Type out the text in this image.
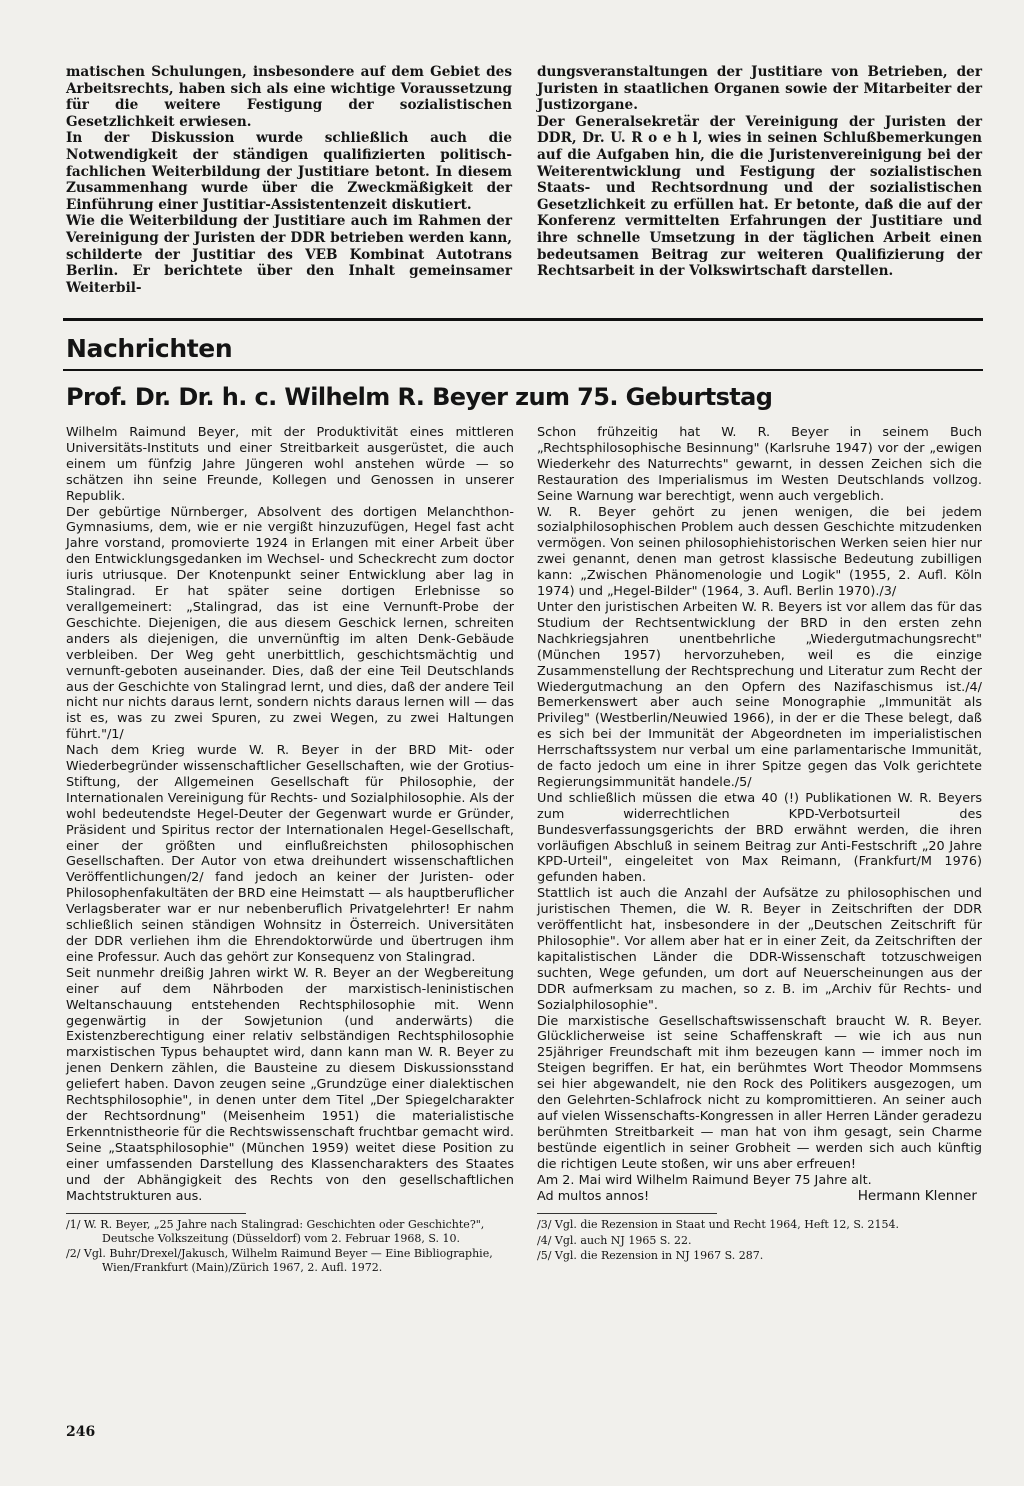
matischen Schulungen, insbesondere auf dem Gebiet des Arbeitsrechts, haben sich als eine wichtige Voraussetzung für die weitere Festigung der sozialistischen Gesetzlichkeit erwiesen.

In der Diskussion wurde schließlich auch die Notwendigkeit der ständigen qualifizierten politisch-fachlichen Weiterbildung der Justitiare betont. In diesem Zusammenhang wurde über die Zweckmäßigkeit der Einführung einer Justitiar-Assistentenzeit diskutiert.

Wie die Weiterbildung der Justitiare auch im Rahmen der Vereinigung der Juristen der DDR betrieben werden kann, schilderte der Justitiar des VEB Kombinat Autotrans Berlin. Er berichtete über den Inhalt gemeinsamer Weiterbil-

dungsveranstaltungen der Justitiare von Betrieben, der Juristen in staatlichen Organen sowie der Mitarbeiter der Justizorgane.

Der Generalsekretär der Vereinigung der Juristen der DDR, Dr. U. R o e h l, wies in seinen Schlußbemerkungen auf die Aufgaben hin, die die Juristenvereinigung bei der Weiterentwicklung und Festigung der sozialistischen Staats- und Rechtsordnung und der sozialistischen Gesetzlichkeit zu erfüllen hat. Er betonte, daß die auf der Konferenz vermittelten Erfahrungen der Justitiare und ihre schnelle Umsetzung in der täglichen Arbeit einen bedeutsamen Beitrag zur weiteren Qualifizierung der Rechtsarbeit in der Volkswirtschaft darstellen.

Nachrichten
Prof. Dr. Dr. h. c. Wilhelm R. Beyer zum 75. Geburtstag

Wilhelm Raimund Beyer, mit der Produktivität eines mittleren Universitäts-Instituts und einer Streitbarkeit ausgerüstet, die auch einem um fünfzig Jahre Jüngeren wohl anstehen würde — so schätzen ihn seine Freunde, Kollegen und Genossen in unserer Republik.

Der gebürtige Nürnberger, Absolvent des dortigen Melanchthon-Gymnasiums, dem, wie er nie vergißt hinzuzufügen, Hegel fast acht Jahre vorstand, promovierte 1924 in Erlangen mit einer Arbeit über den Entwicklungsgedanken im Wechsel- und Scheckrecht zum doctor iuris utriusque. Der Knotenpunkt seiner Entwicklung aber lag in Stalingrad. Er hat später seine dortigen Erlebnisse so verallgemeinert: „Stalingrad, das ist eine Vernunft-Probe der Geschichte. Diejenigen, die aus diesem Geschick lernen, schreiten anders als diejenigen, die unvernünftig im alten Denk-Gebäude verbleiben. Der Weg geht unerbittlich, geschichtsmächtig und vernunft-geboten auseinander. Dies, daß der eine Teil Deutschlands aus der Geschichte von Stalingrad lernt, und dies, daß der andere Teil nicht nur nichts daraus lernt, sondern nichts daraus lernen will — das ist es, was zu zwei Spuren, zu zwei Wegen, zu zwei Haltungen führt."/1/

Nach dem Krieg wurde W. R. Beyer in der BRD Mit- oder Wiederbegründer wissenschaftlicher Gesellschaften, wie der Grotius-Stiftung, der Allgemeinen Gesellschaft für Philosophie, der Internationalen Vereinigung für Rechts- und Sozialphilosophie. Als der wohl bedeutendste Hegel-Deuter der Gegenwart wurde er Gründer, Präsident und Spiritus rector der Internationalen Hegel-Gesellschaft, einer der größten und einflußreichsten philosophischen Gesellschaften. Der Autor von etwa dreihundert wissenschaftlichen Veröffentlichungen/2/ fand jedoch an keiner der Juristen- oder Philosophenfakultäten der BRD eine Heimstatt — als hauptberuflicher Verlagsberater war er nur nebenberuflich Privatgelehrter! Er nahm schließlich seinen ständigen Wohnsitz in Österreich. Universitäten der DDR verliehen ihm die Ehrendoktorwürde und übertrugen ihm eine Professur. Auch das gehört zur Konsequenz von Stalingrad.

Seit nunmehr dreißig Jahren wirkt W. R. Beyer an der Wegbereitung einer auf dem Nährboden der marxistisch-leninistischen Weltanschauung entstehenden Rechtsphilosophie mit. Wenn gegenwärtig in der Sowjetunion (und anderwärts) die Existenzberechtigung einer relativ selbständigen Rechtsphilosophie marxistischen Typus behauptet wird, dann kann man W. R. Beyer zu jenen Denkern zählen, die Bausteine zu diesem Diskussionsstand geliefert haben. Davon zeugen seine „Grundzüge einer dialektischen Rechtsphilosophie", in denen unter dem Titel „Der Spiegelcharakter der Rechtsordnung" (Meisenheim 1951) die materialistische Erkenntnistheorie für die Rechtswissenschaft fruchtbar gemacht wird. Seine „Staatsphilosophie" (München 1959) weitet diese Position zu einer umfassenden Darstellung des Klassencharakters des Staates und der Abhängigkeit des Rechts von den gesellschaftlichen Machtstrukturen aus.

/1/ W. R. Beyer, „25 Jahre nach Stalingrad: Geschichten oder Geschichte?", Deutsche Volkszeitung (Düsseldorf) vom 2. Februar 1968, S. 10.
/2/ Vgl. Buhr/Drexel/Jakusch, Wilhelm Raimund Beyer — Eine Bibliographie, Wien/Frankfurt (Main)/Zürich 1967, 2. Aufl. 1972.

Schon frühzeitig hat W. R. Beyer in seinem Buch „Rechtsphilosophische Besinnung" (Karlsruhe 1947) vor der „ewigen Wiederkehr des Naturrechts" gewarnt, in dessen Zeichen sich die Restauration des Imperialismus im Westen Deutschlands vollzog. Seine Warnung war berechtigt, wenn auch vergeblich.

W. R. Beyer gehört zu jenen wenigen, die bei jedem sozialphilosophischen Problem auch dessen Geschichte mitzudenken vermögen. Von seinen philosophiehistorischen Werken seien hier nur zwei genannt, denen man getrost klassische Bedeutung zubilligen kann: „Zwischen Phänomenologie und Logik" (1955, 2. Aufl. Köln 1974) und „Hegel-Bilder" (1964, 3. Aufl. Berlin 1970)./3/

Unter den juristischen Arbeiten W. R. Beyers ist vor allem das für das Studium der Rechtsentwicklung der BRD in den ersten zehn Nachkriegsjahren unentbehrliche „Wiedergutmachungsrecht" (München 1957) hervorzuheben, weil es die einzige Zusammenstellung der Rechtsprechung und Literatur zum Recht der Wiedergutmachung an den Opfern des Nazifaschismus ist./4/ Bemerkenswert aber auch seine Monographie „Immunität als Privileg" (Westberlin/Neuwied 1966), in der er die These belegt, daß es sich bei der Immunität der Abgeordneten im imperialistischen Herrschaftssystem nur verbal um eine parlamentarische Immunität, de facto jedoch um eine in ihrer Spitze gegen das Volk gerichtete Regierungsimmunität handele./5/

Und schließlich müssen die etwa 40 (!) Publikationen W. R. Beyers zum widerrechtlichen KPD-Verbotsurteil des Bundesverfassungsgerichts der BRD erwähnt werden, die ihren vorläufigen Abschluß in seinem Beitrag zur Anti-Festschrift „20 Jahre KPD-Urteil", eingeleitet von Max Reimann, (Frankfurt/M 1976) gefunden haben.

Stattlich ist auch die Anzahl der Aufsätze zu philosophischen und juristischen Themen, die W. R. Beyer in Zeitschriften der DDR veröffentlicht hat, insbesondere in der „Deutschen Zeitschrift für Philosophie". Vor allem aber hat er in einer Zeit, da Zeitschriften der kapitalistischen Länder die DDR-Wissenschaft totzuschweigen suchten, Wege gefunden, um dort auf Neuerscheinungen aus der DDR aufmerksam zu machen, so z. B. im „Archiv für Rechts- und Sozialphilosophie".

Die marxistische Gesellschaftswissenschaft braucht W. R. Beyer. Glücklicherweise ist seine Schaffenskraft — wie ich aus nun 25jähriger Freundschaft mit ihm bezeugen kann — immer noch im Steigen begriffen. Er hat, ein berühmtes Wort Theodor Mommsens sei hier abgewandelt, nie den Rock des Politikers ausgezogen, um den Gelehrten-Schlafrock nicht zu kompromittieren. An seiner auch auf vielen Wissenschafts-Kongressen in aller Herren Länder geradezu berühmten Streitbarkeit — man hat von ihm gesagt, sein Charme bestünde eigentlich in seiner Grobheit — werden sich auch künftig die richtigen Leute stoßen, wir uns aber erfreuen!

Am 2. Mai wird Wilhelm Raimund Beyer 75 Jahre alt.

Ad multos annos!	Hermann Klenner
/3/ Vgl. die Rezension in Staat und Recht 1964, Heft 12, S. 2154.
/4/ Vgl. auch NJ 1965 S. 22.
/5/ Vgl. die Rezension in NJ 1967 S. 287.
246
